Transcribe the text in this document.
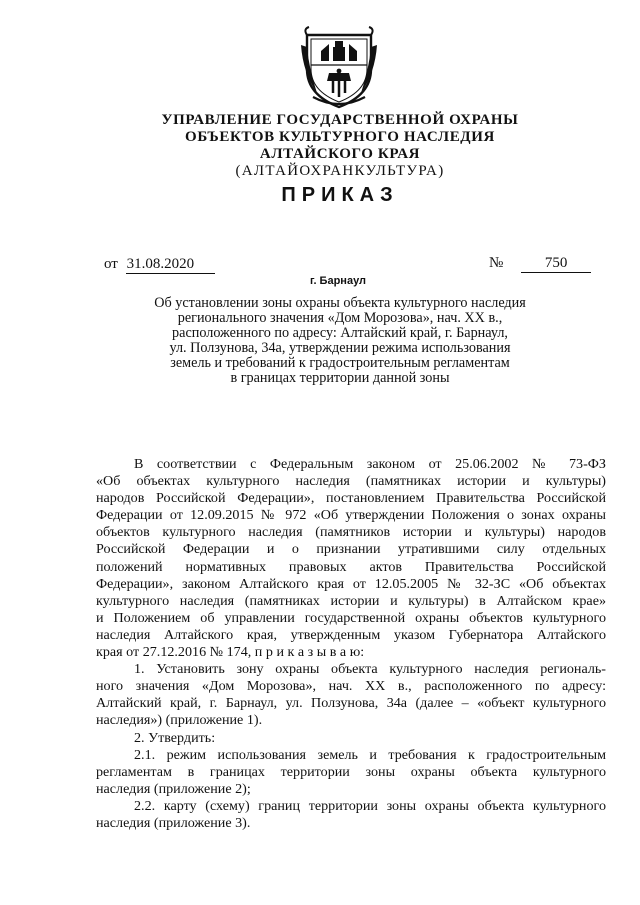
УПРАВЛЕНИЕ ГОСУДАРСТВЕННОЙ ОХРАНЫ
ОБЪЕКТОВ КУЛЬТУРНОГО НАСЛЕДИЯ
АЛТАЙСКОГО КРАЯ
(АЛТАЙОХРАНКУЛЬТУРА)
ПРИКАЗ
от 31.08.2020	№	750
г. Барнаул
Об установлении зоны охраны объекта культурного наследия
регионального значения «Дом Морозова», нач. XX в.,
расположенного по адресу: Алтайский край, г. Барнаул,
ул. Ползунова, 34а, утверждении режима использования
земель и требований к градостроительным регламентам
в границах территории данной зоны
В соответствии с Федеральным законом от 25.06.2002 № 73-ФЗ
«Об объектах культурного наследия (памятниках истории и культуры)
народов Российской Федерации», постановлением Правительства Российской
Федерации от 12.09.2015 № 972 «Об утверждении Положения о зонах охраны
объектов культурного наследия (памятников истории и культуры) народов
Российской Федерации и о признании утратившими силу отдельных
положений нормативных правовых актов Правительства Российской
Федерации», законом Алтайского края от 12.05.2005 № 32-ЗС «Об объектах
культурного наследия (памятниках истории и культуры) в Алтайском крае»
и Положением об управлении государственной охраны объектов культурного
наследия Алтайского края, утвержденным указом Губернатора Алтайского
края от 27.12.2016 № 174, п р и к а з ы в а ю:
1. Установить зону охраны объекта культурного наследия региональ-
ного значения «Дом Морозова», нач. XX в., расположенного по адресу:
Алтайский край, г. Барнаул, ул. Ползунова, 34а (далее – «объект культурного
наследия») (приложение 1).
2. Утвердить:
2.1. режим использования земель и требования к градостроительным
регламентам в границах территории зоны охраны объекта культурного
наследия (приложение 2);
2.2. карту (схему) границ территории зоны охраны объекта культурного
наследия (приложение 3).
